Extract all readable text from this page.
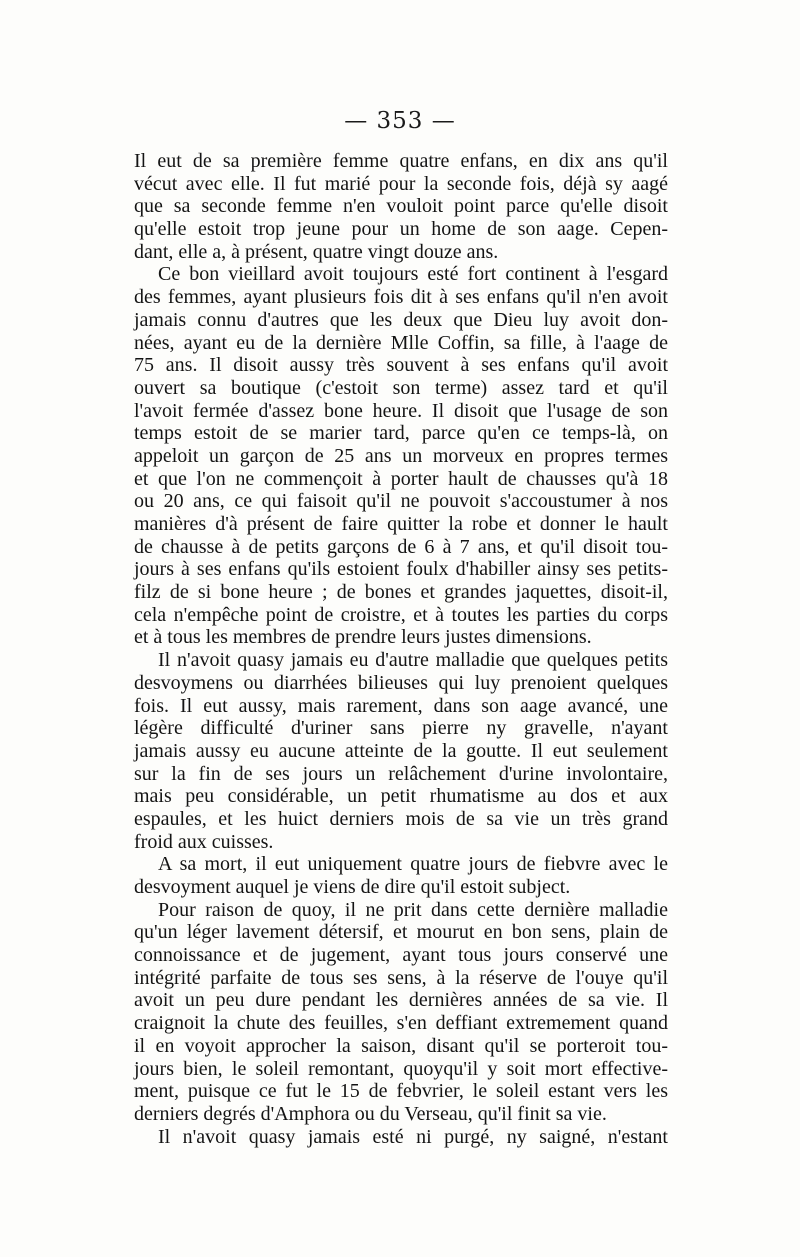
— 353 —
Il eut de sa première femme quatre enfans, en dix ans qu'il
vécut avec elle. Il fut marié pour la seconde fois, déjà sy aagé
que sa seconde femme n'en vouloit point parce qu'elle disoit
qu'elle estoit trop jeune pour un home de son aage. Cepen-
dant, elle a, à présent, quatre vingt douze ans.
Ce bon vieillard avoit toujours esté fort continent à l'esgard
des femmes, ayant plusieurs fois dit à ses enfans qu'il n'en avoit
jamais connu d'autres que les deux que Dieu luy avoit don-
nées, ayant eu de la dernière Mlle Coffin, sa fille, à l'aage de
75 ans. Il disoit aussy très souvent à ses enfans qu'il avoit
ouvert sa boutique (c'estoit son terme) assez tard et qu'il
l'avoit fermée d'assez bone heure. Il disoit que l'usage de son
temps estoit de se marier tard, parce qu'en ce temps-là, on
appeloit un garçon de 25 ans un morveux en propres termes
et que l'on ne commençoit à porter hault de chausses qu'à 18
ou 20 ans, ce qui faisoit qu'il ne pouvoit s'accoustumer à nos
manières d'à présent de faire quitter la robe et donner le hault
de chausse à de petits garçons de 6 à 7 ans, et qu'il disoit tou-
jours à ses enfans qu'ils estoient foulx d'habiller ainsy ses petits-
filz de si bone heure ; de bones et grandes jaquettes, disoit-il,
cela n'empêche point de croistre, et à toutes les parties du corps
et à tous les membres de prendre leurs justes dimensions.
Il n'avoit quasy jamais eu d'autre malladie que quelques petits
desvoymens ou diarrhées bilieuses qui luy prenoient quelques
fois. Il eut aussy, mais rarement, dans son aage avancé, une
légère difficulté d'uriner sans pierre ny gravelle, n'ayant
jamais aussy eu aucune atteinte de la goutte. Il eut seulement
sur la fin de ses jours un relâchement d'urine involontaire,
mais peu considérable, un petit rhumatisme au dos et aux
espaules, et les huict derniers mois de sa vie un très grand
froid aux cuisses.
A sa mort, il eut uniquement quatre jours de fiebvre avec le
desvoyment auquel je viens de dire qu'il estoit subject.
Pour raison de quoy, il ne prit dans cette dernière malladie
qu'un léger lavement détersif, et mourut en bon sens, plain de
connoissance et de jugement, ayant tous jours conservé une
intégrité parfaite de tous ses sens, à la réserve de l'ouye qu'il
avoit un peu dure pendant les dernières années de sa vie. Il
craignoit la chute des feuilles, s'en deffiant extremement quand
il en voyoit approcher la saison, disant qu'il se porteroit tou-
jours bien, le soleil remontant, quoyqu'il y soit mort effective-
ment, puisque ce fut le 15 de febvrier, le soleil estant vers les
derniers degrés d'Amphora ou du Verseau, qu'il finit sa vie.
Il n'avoit quasy jamais esté ni purgé, ny saigné, n'estant
